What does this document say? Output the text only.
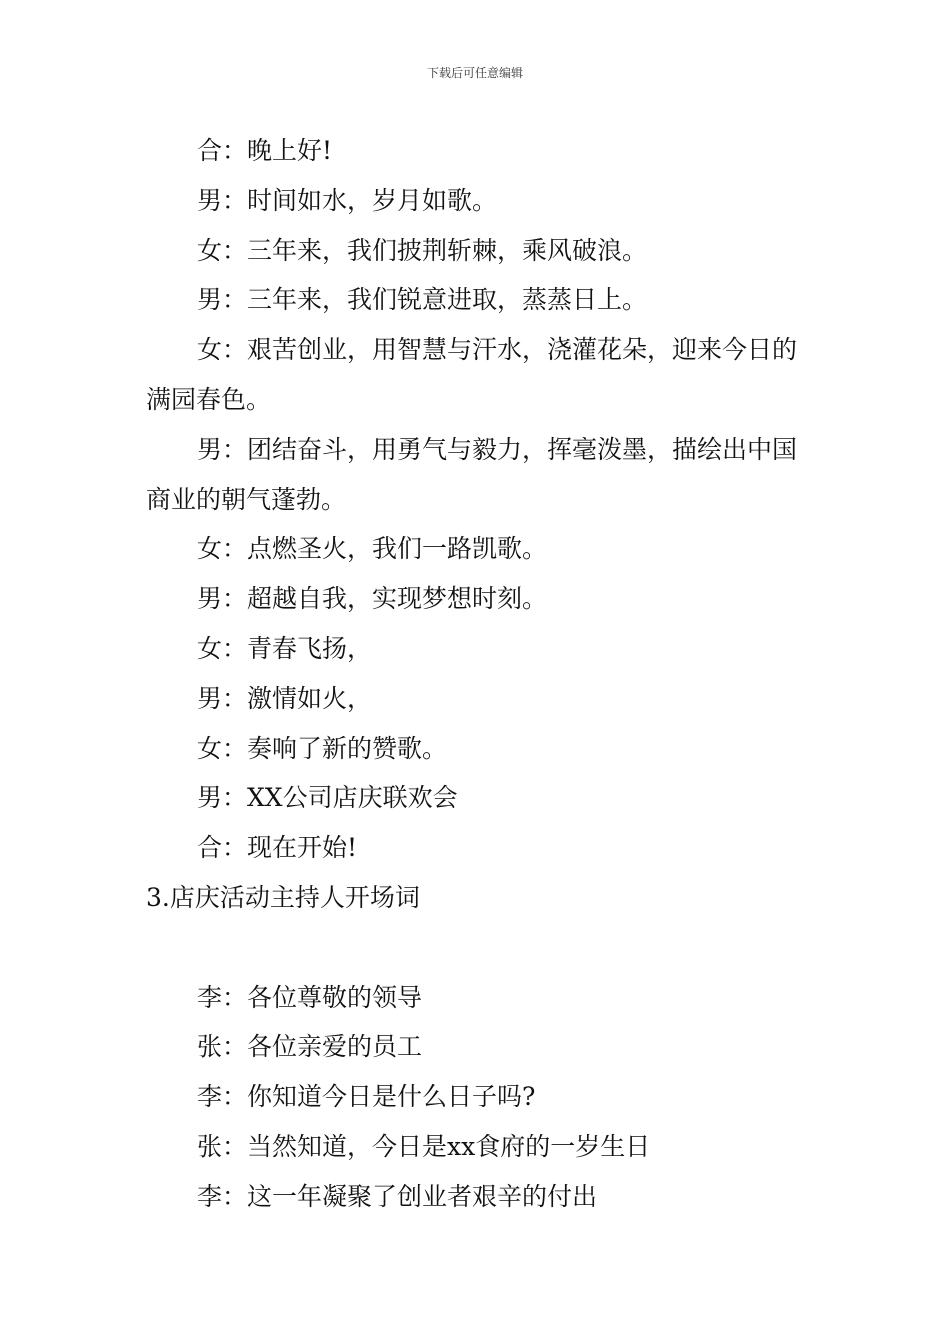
下载后可任意编辑

合：晚上好!

男：时间如水，岁月如歌。

女：三年来，我们披荆斩棘，乘风破浪。

男：三年来，我们锐意进取，蒸蒸日上。

女：艰苦创业，用智慧与汗水，浇灌花朵，迎来今日的满园春色。

男：团结奋斗，用勇气与毅力，挥毫泼墨，描绘出中国商业的朝气蓬勃。

女：点燃圣火，我们一路凯歌。

男：超越自我，实现梦想时刻。

女：青春飞扬，

男：激情如火，

女：奏响了新的赞歌。

男：XX公司店庆联欢会

合：现在开始!

3.店庆活动主持人开场词

李：各位尊敬的领导

张：各位亲爱的员工

李：你知道今日是什么日子吗?

张：当然知道，今日是xx食府的一岁生日

李：这一年凝聚了创业者艰辛的付出
